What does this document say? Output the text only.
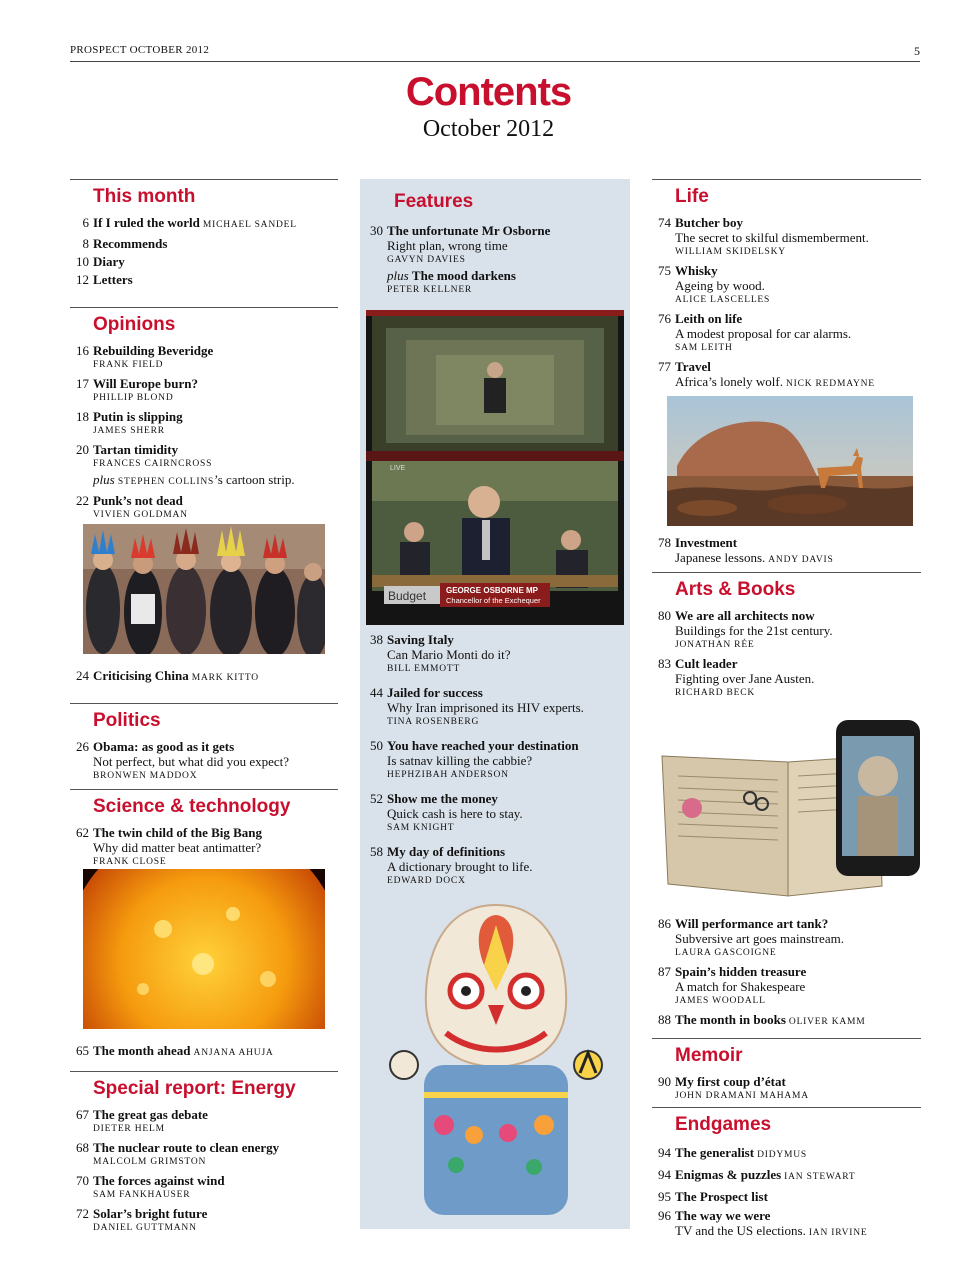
PROSPECT OCTOBER 2012	5
Contents
October 2012
This month
6 If I ruled the world MICHAEL SANDEL
8 Recommends
10 Diary
12 Letters
Opinions
16 Rebuilding Beveridge
FRANK FIELD
17 Will Europe burn?
PHILLIP BLOND
18 Putin is slipping
JAMES SHERR
20 Tartan timidity
FRANCES CAIRNCROSS
plus STEPHEN COLLINS’s cartoon strip.
22 Punk’s not dead
VIVIEN GOLDMAN
24 Criticising China MARK KITTO
Politics
26 Obama: as good as it gets
Not perfect, but what did you expect?
BRONWEN MADDOX
Science & technology
62 The twin child of the Big Bang
Why did matter beat antimatter?
FRANK CLOSE
65 The month ahead ANJANA AHUJA
Special report: Energy
67 The great gas debate
DIETER HELM
68 The nuclear route to clean energy
MALCOLM GRIMSTON
70 The forces against wind
SAM FANKHAUSER
72 Solar’s bright future
DANIEL GUTTMANN
Features
30 The unfortunate Mr Osborne
Right plan, wrong time
GAVYN DAVIES
plus The mood darkens
PETER KELLNER
Budget GEORGE OSBORNE MP
Chancellor of the Exchequer
LIVE
38 Saving Italy
Can Mario Monti do it?
BILL EMMOTT
44 Jailed for success
Why Iran imprisoned its HIV experts.
TINA ROSENBERG
50 You have reached your destination
Is satnav killing the cabbie?
HEPHZIBAH ANDERSON
52 Show me the money
Quick cash is here to stay.
SAM KNIGHT
58 My day of definitions
A dictionary brought to life.
EDWARD DOCX
Life
74 Butcher boy
The secret to skilful dismemberment.
WILLIAM SKIDELSKY
75 Whisky
Ageing by wood.
ALICE LASCELLES
76 Leith on life
A modest proposal for car alarms.
SAM LEITH
77 Travel
Africa’s lonely wolf. NICK REDMAYNE
78 Investment
Japanese lessons. ANDY DAVIS
Arts & Books
80 We are all architects now
Buildings for the 21st century.
JONATHAN RÉE
83 Cult leader
Fighting over Jane Austen.
RICHARD BECK
86 Will performance art tank?
Subversive art goes mainstream.
LAURA GASCOIGNE
87 Spain’s hidden treasure
A match for Shakespeare
JAMES WOODALL
88 The month in books OLIVER KAMM
Memoir
90 My first coup d’état
JOHN DRAMANI MAHAMA
Endgames
94 The generalist DIDYMUS
94 Enigmas & puzzles IAN STEWART
95 The Prospect list
96 The way we were
TV and the US elections. IAN IRVINE
